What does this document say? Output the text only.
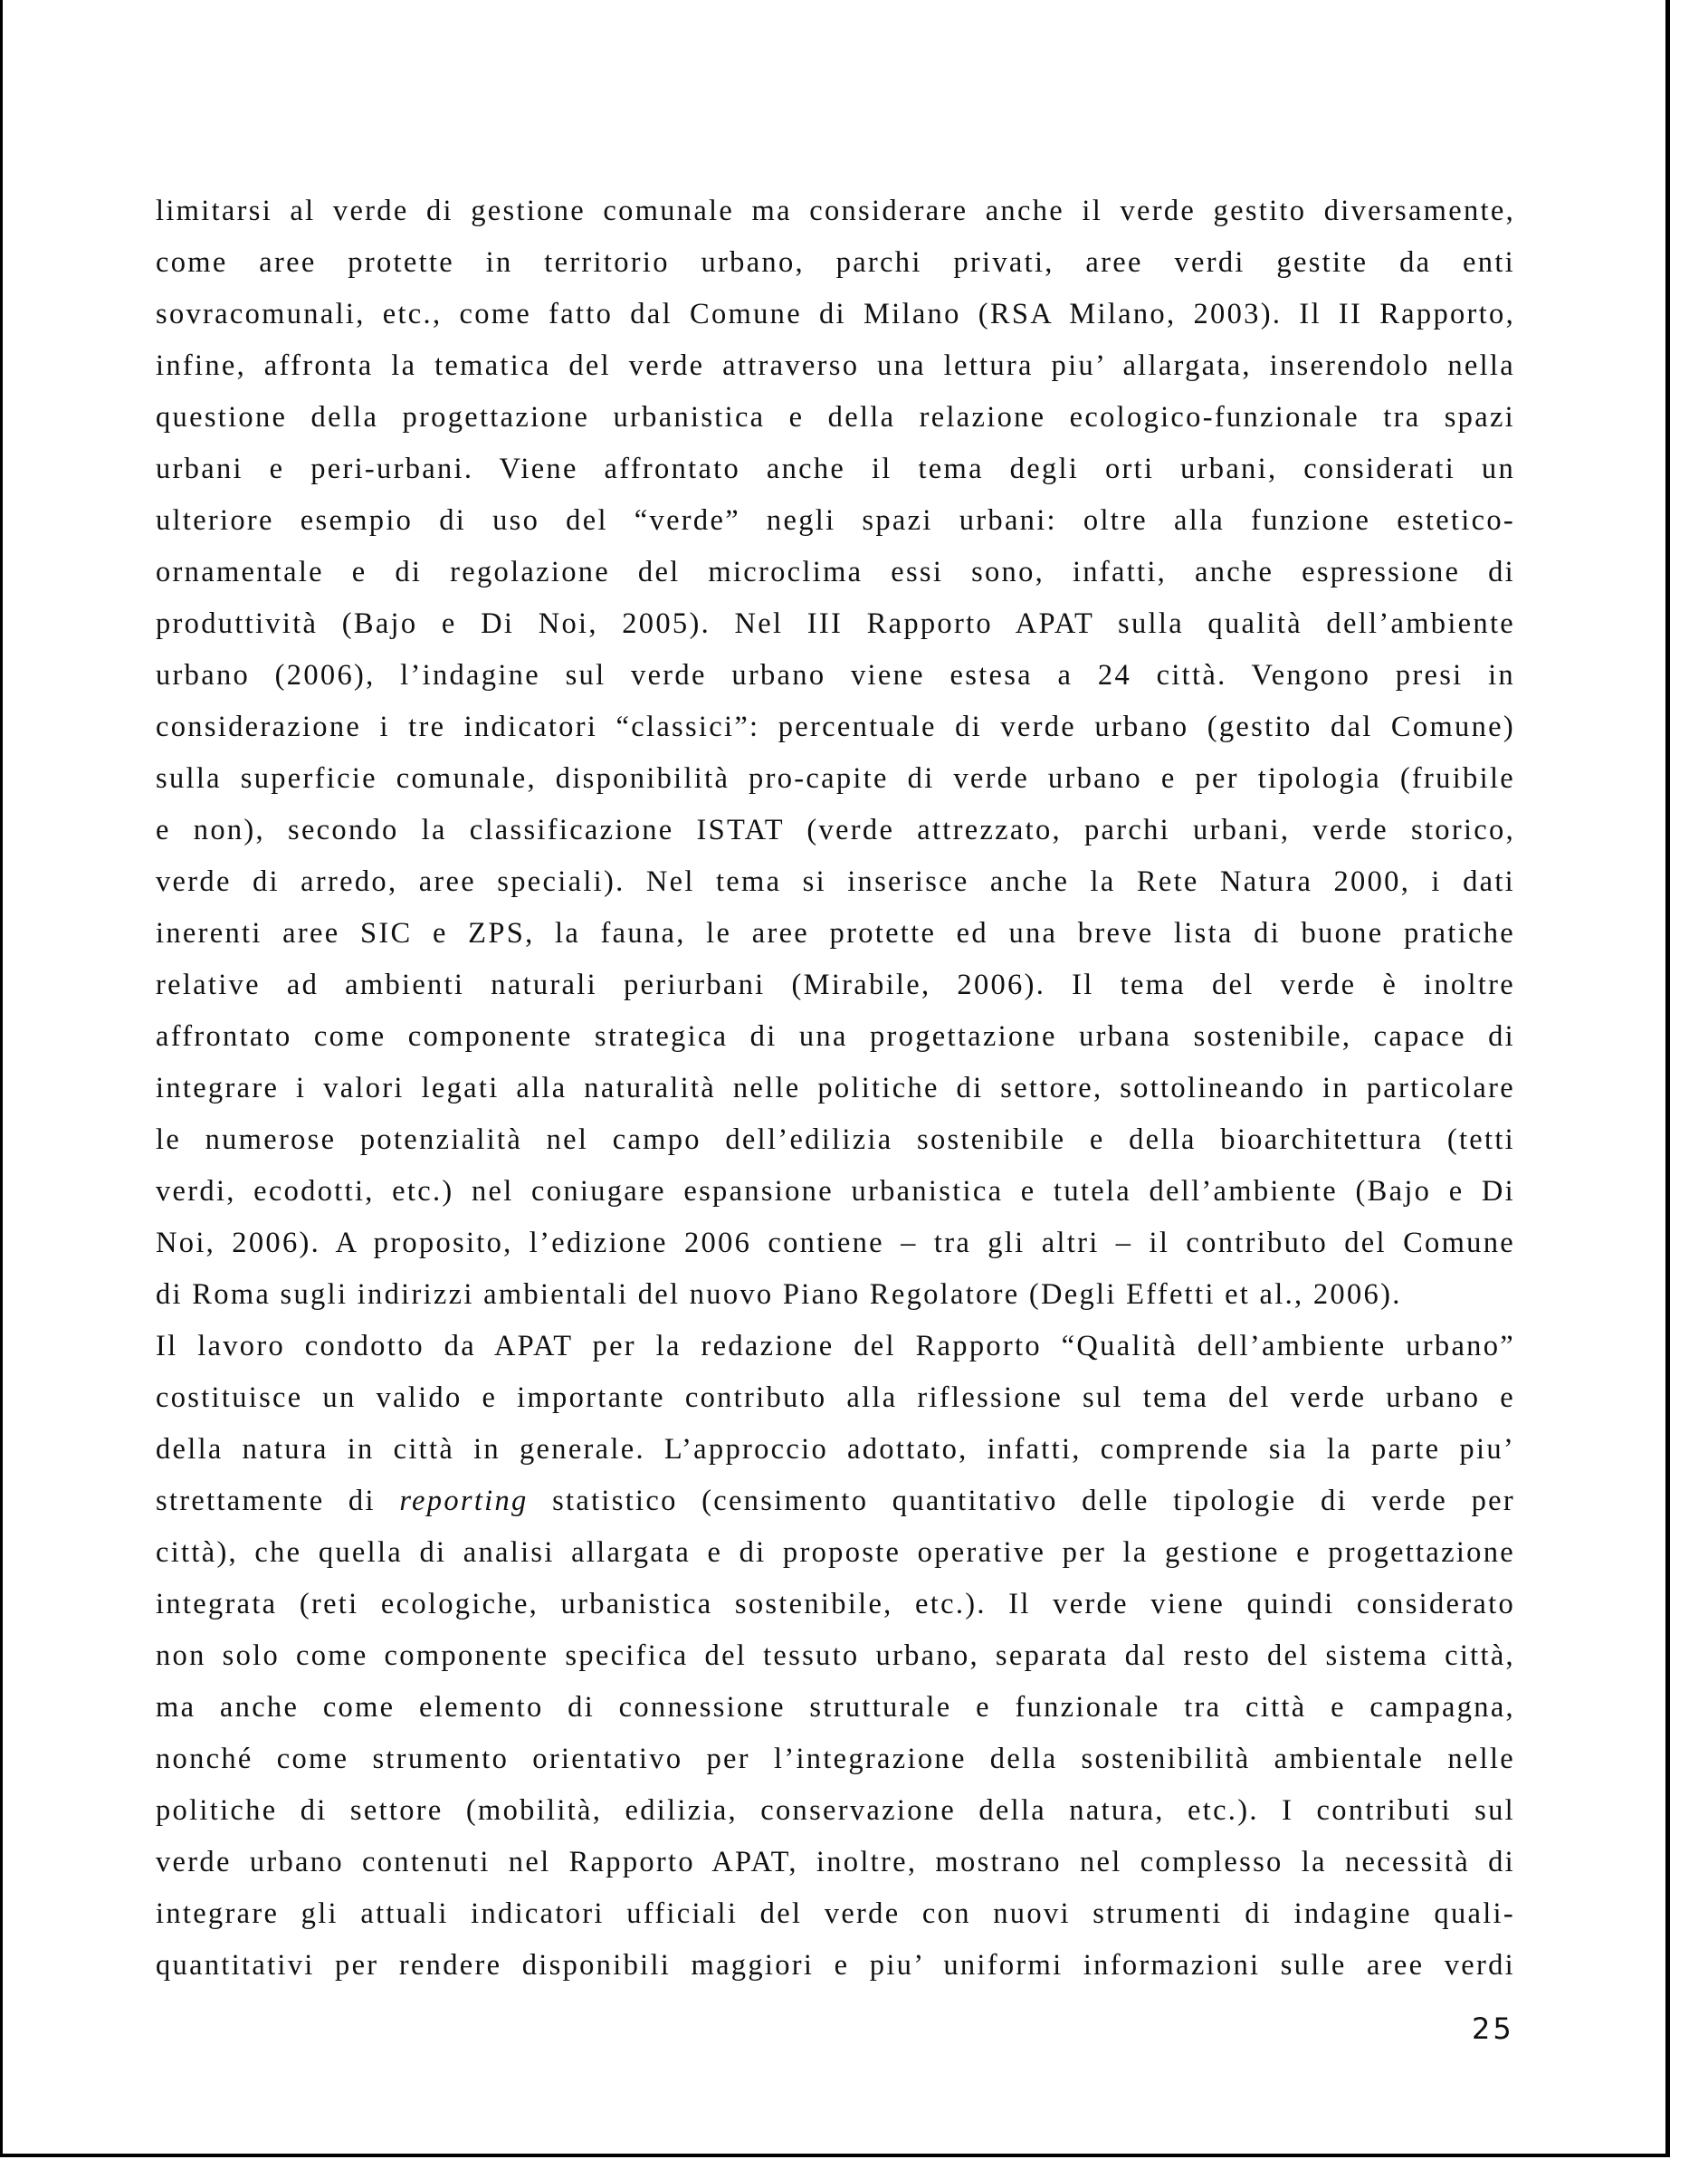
limitarsi al verde di gestione comunale ma considerare anche il verde gestito diversamente,
come aree protette in territorio urbano, parchi privati, aree verdi gestite da enti
sovracomunali, etc., come fatto dal Comune di Milano (RSA Milano, 2003). Il II Rapporto,
infine, affronta la tematica del verde attraverso una lettura piu’ allargata, inserendolo nella
questione della progettazione urbanistica e della relazione ecologico-funzionale tra spazi
urbani e peri-urbani. Viene affrontato anche il tema degli orti urbani, considerati un
ulteriore esempio di uso del “verde” negli spazi urbani: oltre alla funzione estetico-
ornamentale e di regolazione del microclima essi sono, infatti, anche espressione di
produttività (Bajo e Di Noi, 2005). Nel III Rapporto APAT sulla qualità dell’ambiente
urbano (2006), l’indagine sul verde urbano viene estesa a 24 città. Vengono presi in
considerazione i tre indicatori “classici”: percentuale di verde urbano (gestito dal Comune)
sulla superficie comunale, disponibilità pro-capite di verde urbano e per tipologia (fruibile
e non), secondo la classificazione ISTAT (verde attrezzato, parchi urbani, verde storico,
verde di arredo, aree speciali). Nel tema si inserisce anche la Rete Natura 2000, i dati
inerenti aree SIC e ZPS, la fauna, le aree protette ed una breve lista di buone pratiche
relative ad ambienti naturali periurbani (Mirabile, 2006). Il tema del verde è inoltre
affrontato come componente strategica di una progettazione urbana sostenibile, capace di
integrare i valori legati alla naturalità nelle politiche di settore, sottolineando in particolare
le numerose potenzialità nel campo dell’edilizia sostenibile e della bioarchitettura (tetti
verdi, ecodotti, etc.) nel coniugare espansione urbanistica e tutela dell’ambiente (Bajo e Di
Noi, 2006). A proposito, l’edizione 2006 contiene – tra gli altri – il contributo del Comune
di Roma sugli indirizzi ambientali del nuovo Piano Regolatore (Degli Effetti et al., 2006).
Il lavoro condotto da APAT per la redazione del Rapporto “Qualità dell’ambiente urbano”
costituisce un valido e importante contributo alla riflessione sul tema del verde urbano e
della natura in città in generale. L’approccio adottato, infatti, comprende sia la parte piu’
strettamente di reporting statistico (censimento quantitativo delle tipologie di verde per
città), che quella di analisi allargata e di proposte operative per la gestione e progettazione
integrata (reti ecologiche, urbanistica sostenibile, etc.). Il verde viene quindi considerato
non solo come componente specifica del tessuto urbano, separata dal resto del sistema città,
ma anche come elemento di connessione strutturale e funzionale tra città e campagna,
nonché come strumento orientativo per l’integrazione della sostenibilità ambientale nelle
politiche di settore (mobilità, edilizia, conservazione della natura, etc.). I contributi sul
verde urbano contenuti nel Rapporto APAT, inoltre, mostrano nel complesso la necessità di
integrare gli attuali indicatori ufficiali del verde con nuovi strumenti di indagine quali-
quantitativi per rendere disponibili maggiori e piu’ uniformi informazioni sulle aree verdi
25
